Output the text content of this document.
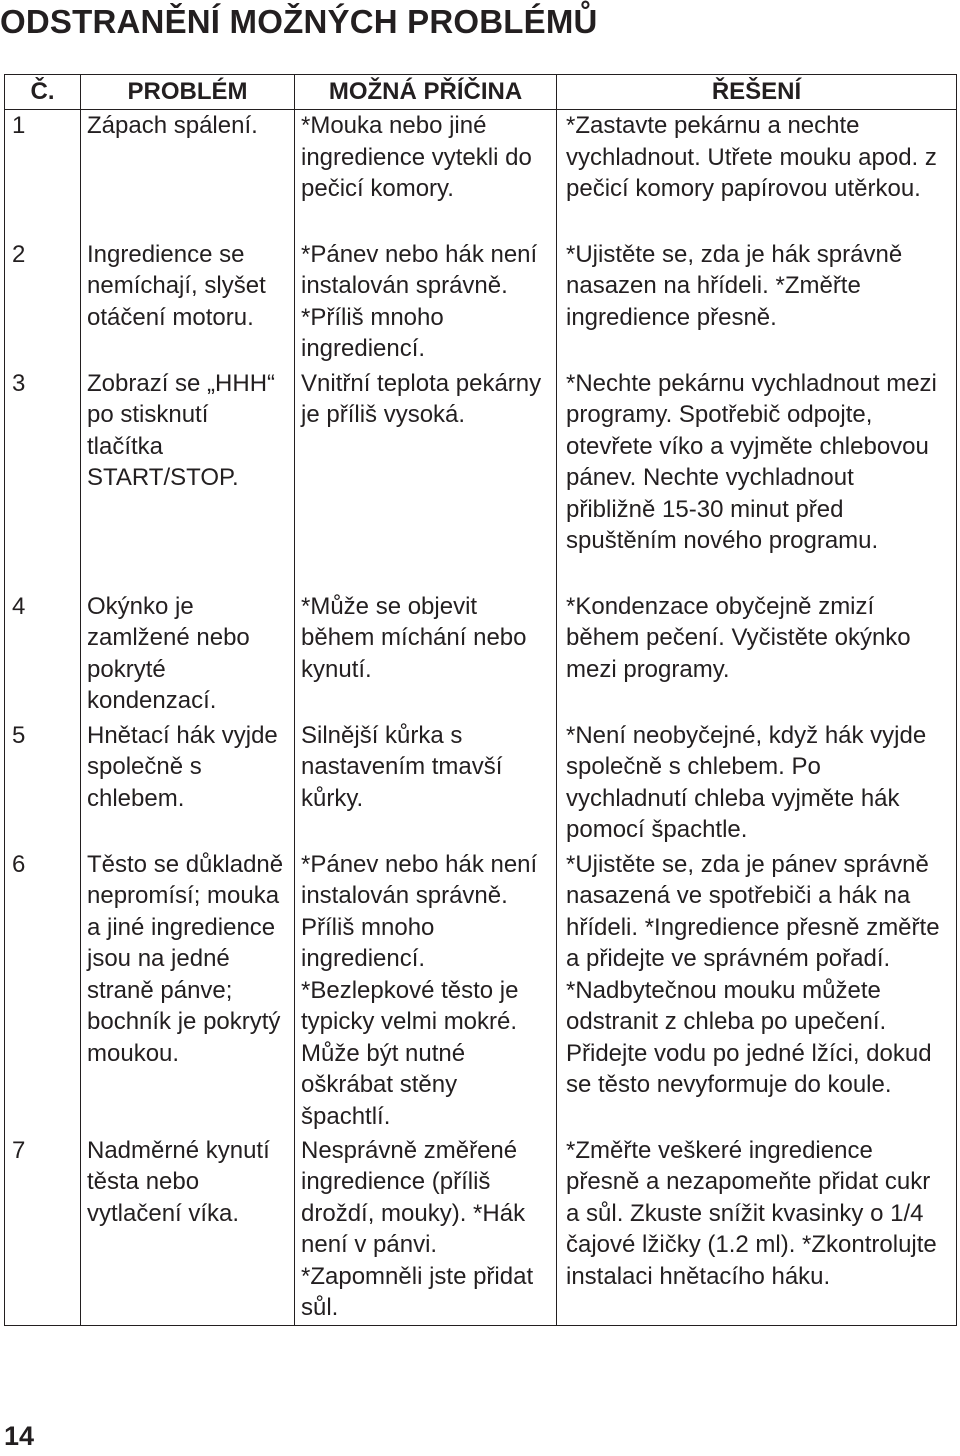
ODSTRANĚNÍ MOŽNÝCH PROBLÉMŮ
Č.	PROBLÉM	MOŽNÁ PŘÍČINA	ŘEŠENÍ
1	Zápach spálení.	*Mouka nebo jiné ingredience vytekli do pečicí komory.	*Zastavte pekárnu a nechte vychladnout. Utřete mouku apod. z pečicí komory papírovou utěrkou.
2	Ingredience se nemíchají, slyšet otáčení motoru.	*Pánev nebo hák není instalován správně. *Příliš mnoho ingrediencí.	*Ujistěte se, zda je hák správně nasazen na hřídeli. *Změřte ingredience přesně.
3	Zobrazí se „HHH“ po stisknutí tlačítka START/STOP.	Vnitřní teplota pekárny je příliš vysoká.	*Nechte pekárnu vychladnout mezi programy. Spotřebič odpojte, otevřete víko a vyjměte chlebovou pánev. Nechte vychladnout přibližně 15-30 minut před spuštěním nového programu.
4	Okýnko je zamlžené nebo pokryté kondenzací.	*Může se objevit během míchání nebo kynutí.	*Kondenzace obyčejně zmizí během pečení. Vyčistěte okýnko mezi programy.
5	Hnětací hák vyjde společně s chlebem.	Silnější kůrka s nastavením tmavší kůrky.	*Není neobyčejné, když hák vyjde společně s chlebem. Po vychladnutí chleba vyjměte hák pomocí špachtle.
6	Těsto se důkladně nepromísí; mouka a jiné ingredience jsou na jedné straně pánve; bochník je pokrytý moukou.	*Pánev nebo hák není instalován správně. Příliš mnoho ingrediencí. *Bezlepkové těsto je typicky velmi mokré. Může být nutné oškrábat stěny špachtlí.	*Ujistěte se, zda je pánev správně nasazená ve spotřebiči a hák na hřídeli. *Ingredience přesně změřte a přidejte ve správném pořadí. *Nadbytečnou mouku můžete odstranit z chleba po upečení. Přidejte vodu po jedné lžíci, dokud se těsto nevyformuje do koule.
7	Nadměrné kynutí těsta nebo vytlačení víka.	Nesprávně změřené ingredience (příliš droždí, mouky). *Hák není v pánvi. *Zapomněli jste přidat sůl.	*Změřte veškeré ingredience přesně a nezapomeňte přidat cukr a sůl. Zkuste snížit kvasinky o 1/4 čajové lžičky (1.2 ml). *Zkontrolujte instalaci hnětacího háku.
14
